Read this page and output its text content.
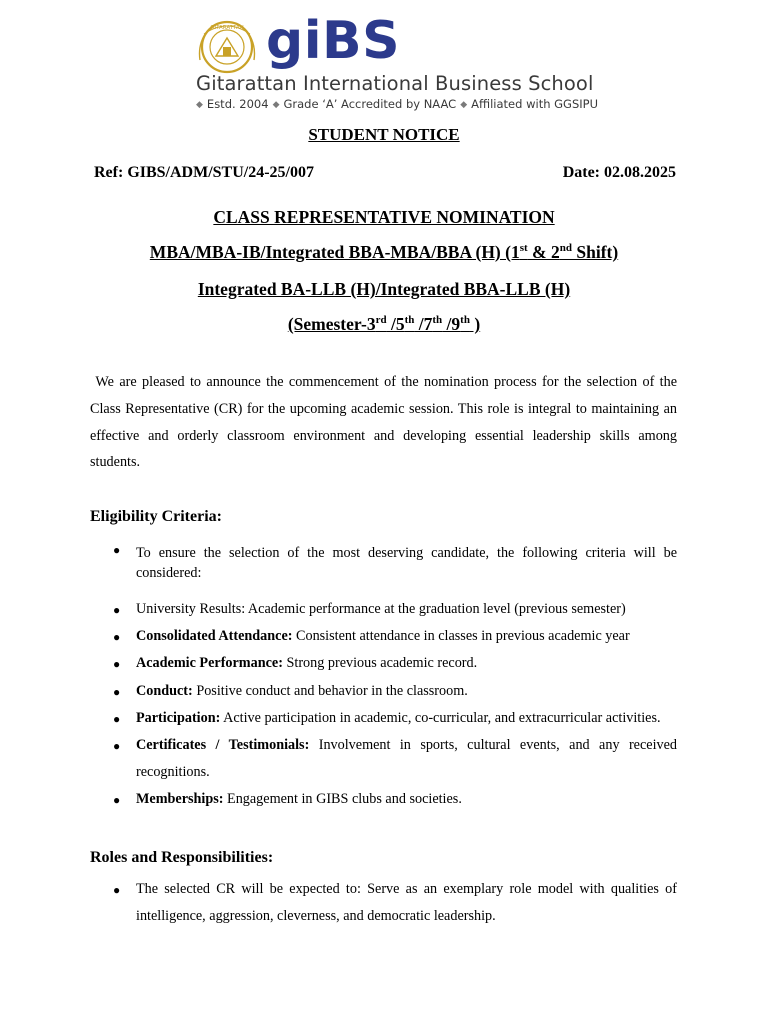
GITARATTAN giBS
Gitarattan International Business School
◆ Estd. 2004 ◆ Grade ‘A’ Accredited by NAAC ◆ Affiliated with GGSIPU
STUDENT NOTICE
Ref: GIBS/ADM/STU/24-25/007	Date: 02.08.2025
CLASS REPRESENTATIVE NOMINATION
MBA/MBA-IB/Integrated BBA-MBA/BBA (H) (1st & 2nd Shift)
Integrated BA-LLB (H)/Integrated BBA-LLB (H)
(Semester-3rd /5th /7th /9th )

We are pleased to announce the commencement of the nomination process for the selection of the Class Representative (CR) for the upcoming academic session. This role is integral to maintaining an effective and orderly classroom environment and developing essential leadership skills among students.

Eligibility Criteria:
● To ensure the selection of the most deserving candidate, the following criteria will be considered:
● University Results: Academic performance at the graduation level (previous semester)
● Consolidated Attendance: Consistent attendance in classes in previous academic year
● Academic Performance: Strong previous academic record.
● Conduct: Positive conduct and behavior in the classroom.
● Participation: Active participation in academic, co-curricular, and extracurricular activities.
● Certificates / Testimonials: Involvement in sports, cultural events, and any received recognitions.
● Memberships: Engagement in GIBS clubs and societies.
Roles and Responsibilities:
● The selected CR will be expected to: Serve as an exemplary role model with qualities of intelligence, aggression, cleverness, and democratic leadership.
